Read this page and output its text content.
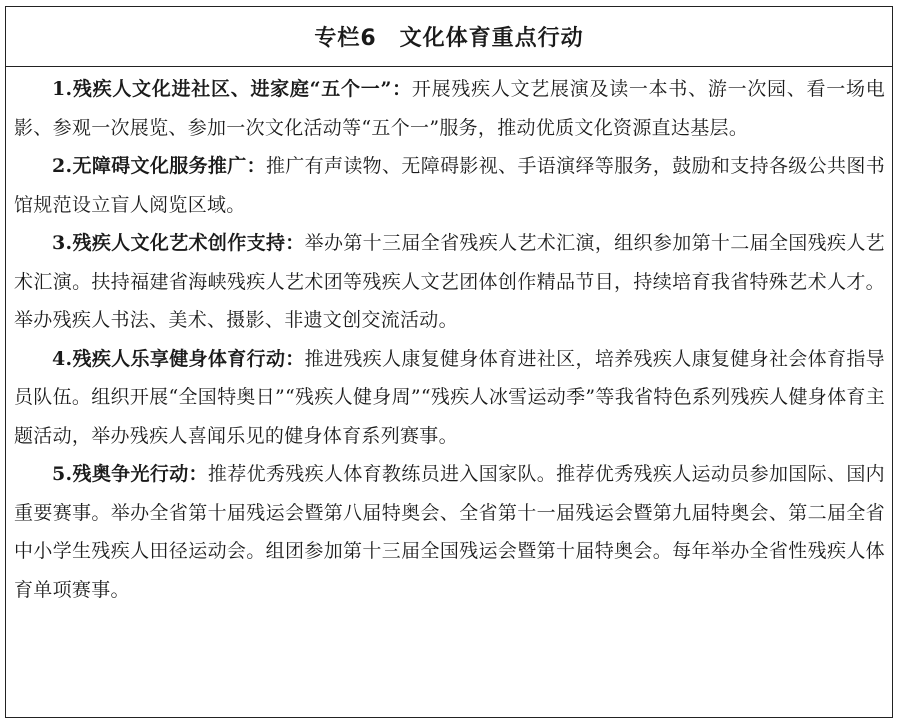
专栏6　文化体育重点行动

1.残疾人文化进社区、进家庭“五个一”：开展残疾人文艺展演及读一本书、游一次园、看一场电影、参观一次展览、参加一次文化活动等“五个一”服务，推动优质文化资源直达基层。

2.无障碍文化服务推广：推广有声读物、无障碍影视、手语演绎等服务，鼓励和支持各级公共图书馆规范设立盲人阅览区域。

3.残疾人文化艺术创作支持：举办第十三届全省残疾人艺术汇演，组织参加第十二届全国残疾人艺术汇演。扶持福建省海峡残疾人艺术团等残疾人文艺团体创作精品节目，持续培育我省特殊艺术人才。举办残疾人书法、美术、摄影、非遗文创交流活动。

4.残疾人乐享健身体育行动：推进残疾人康复健身体育进社区，培养残疾人康复健身社会体育指导员队伍。组织开展“全国特奥日”“残疾人健身周”“残疾人冰雪运动季”等我省特色系列残疾人健身体育主题活动，举办残疾人喜闻乐见的健身体育系列赛事。

5.残奥争光行动：推荐优秀残疾人体育教练员进入国家队。推荐优秀残疾人运动员参加国际、国内重要赛事。举办全省第十届残运会暨第八届特奥会、全省第十一届残运会暨第九届特奥会、第二届全省中小学生残疾人田径运动会。组团参加第十三届全国残运会暨第十届特奥会。每年举办全省性残疾人体育单项赛事。
